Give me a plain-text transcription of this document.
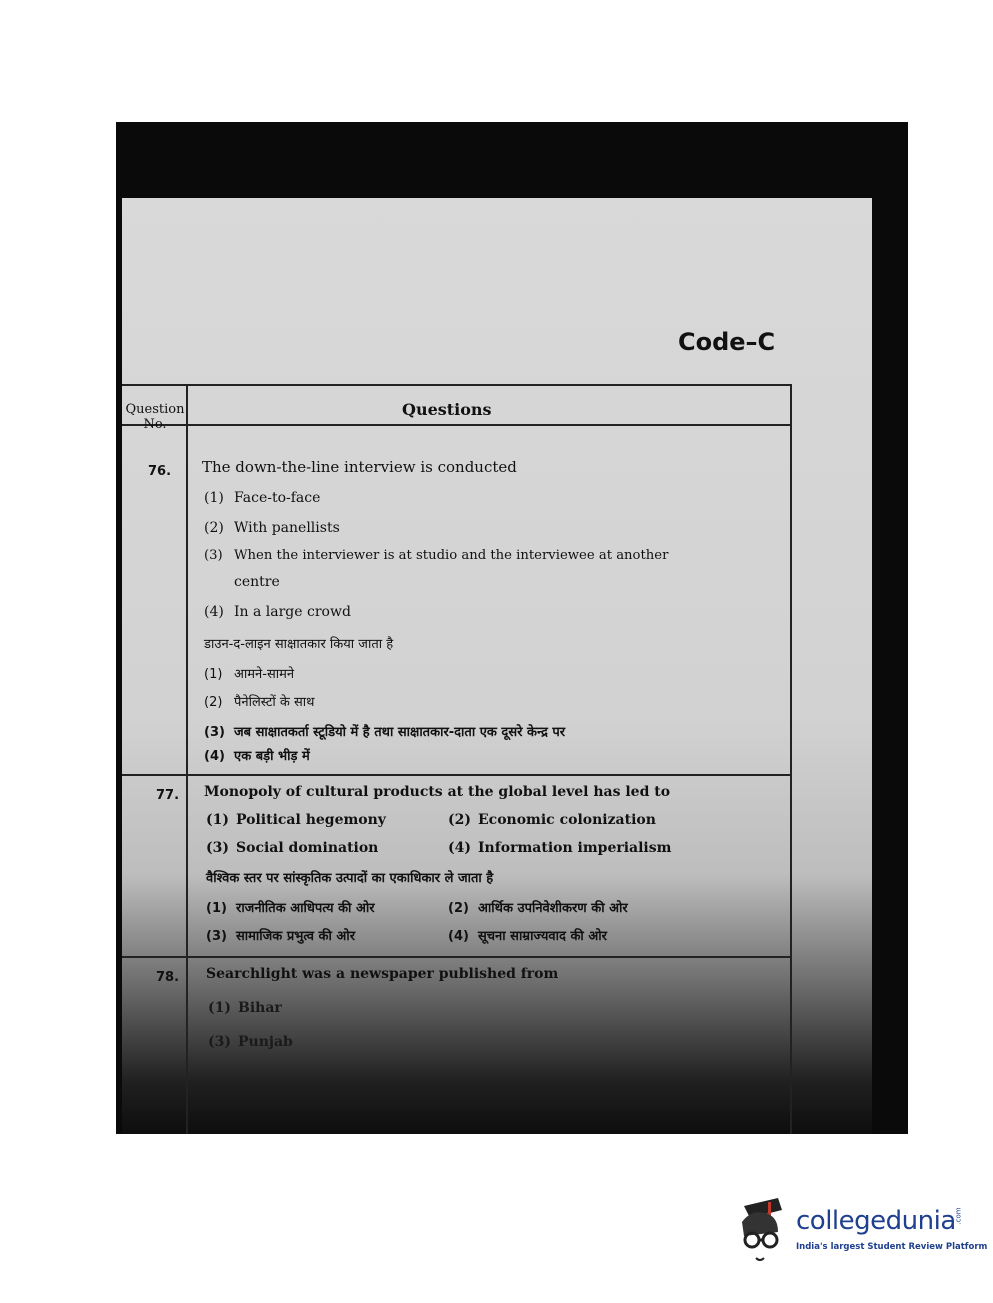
Code–C
Question No.
Questions
76. The down-the-line interview is conducted
(1) Face-to-face
(2) With panellists
(3) When the interviewer is at studio and the interviewee at another
centre
(4) In a large crowd
डाउन-द-लाइन साक्षातकार किया जाता है
(1) आमने-सामने
(2) पैनेलिस्टों के साथ
(3) जब साक्षातकर्ता स्टूडियो में है तथा साक्षातकार-दाता एक दूसरे केन्द्र पर
(4) एक बड़ी भीड़ में
77. Monopoly of cultural products at the global level has led to
(1) Political hegemony	(2) Economic colonization
(3) Social domination	(4) Information imperialism
वैश्विक स्तर पर सांस्कृतिक उत्पादों का एकाधिकार ले जाता है
(1) राजनीतिक आधिपत्य की ओर	(2) आर्थिक उपनिवेशीकरण की ओर
(3) सामाजिक प्रभुत्व की ओर	(4) सूचना साम्राज्यवाद की ओर
78. Searchlight was a newspaper published from
(1) Bihar
(3) Punjab
collegedunia
.com
India's largest Student Review Platform
